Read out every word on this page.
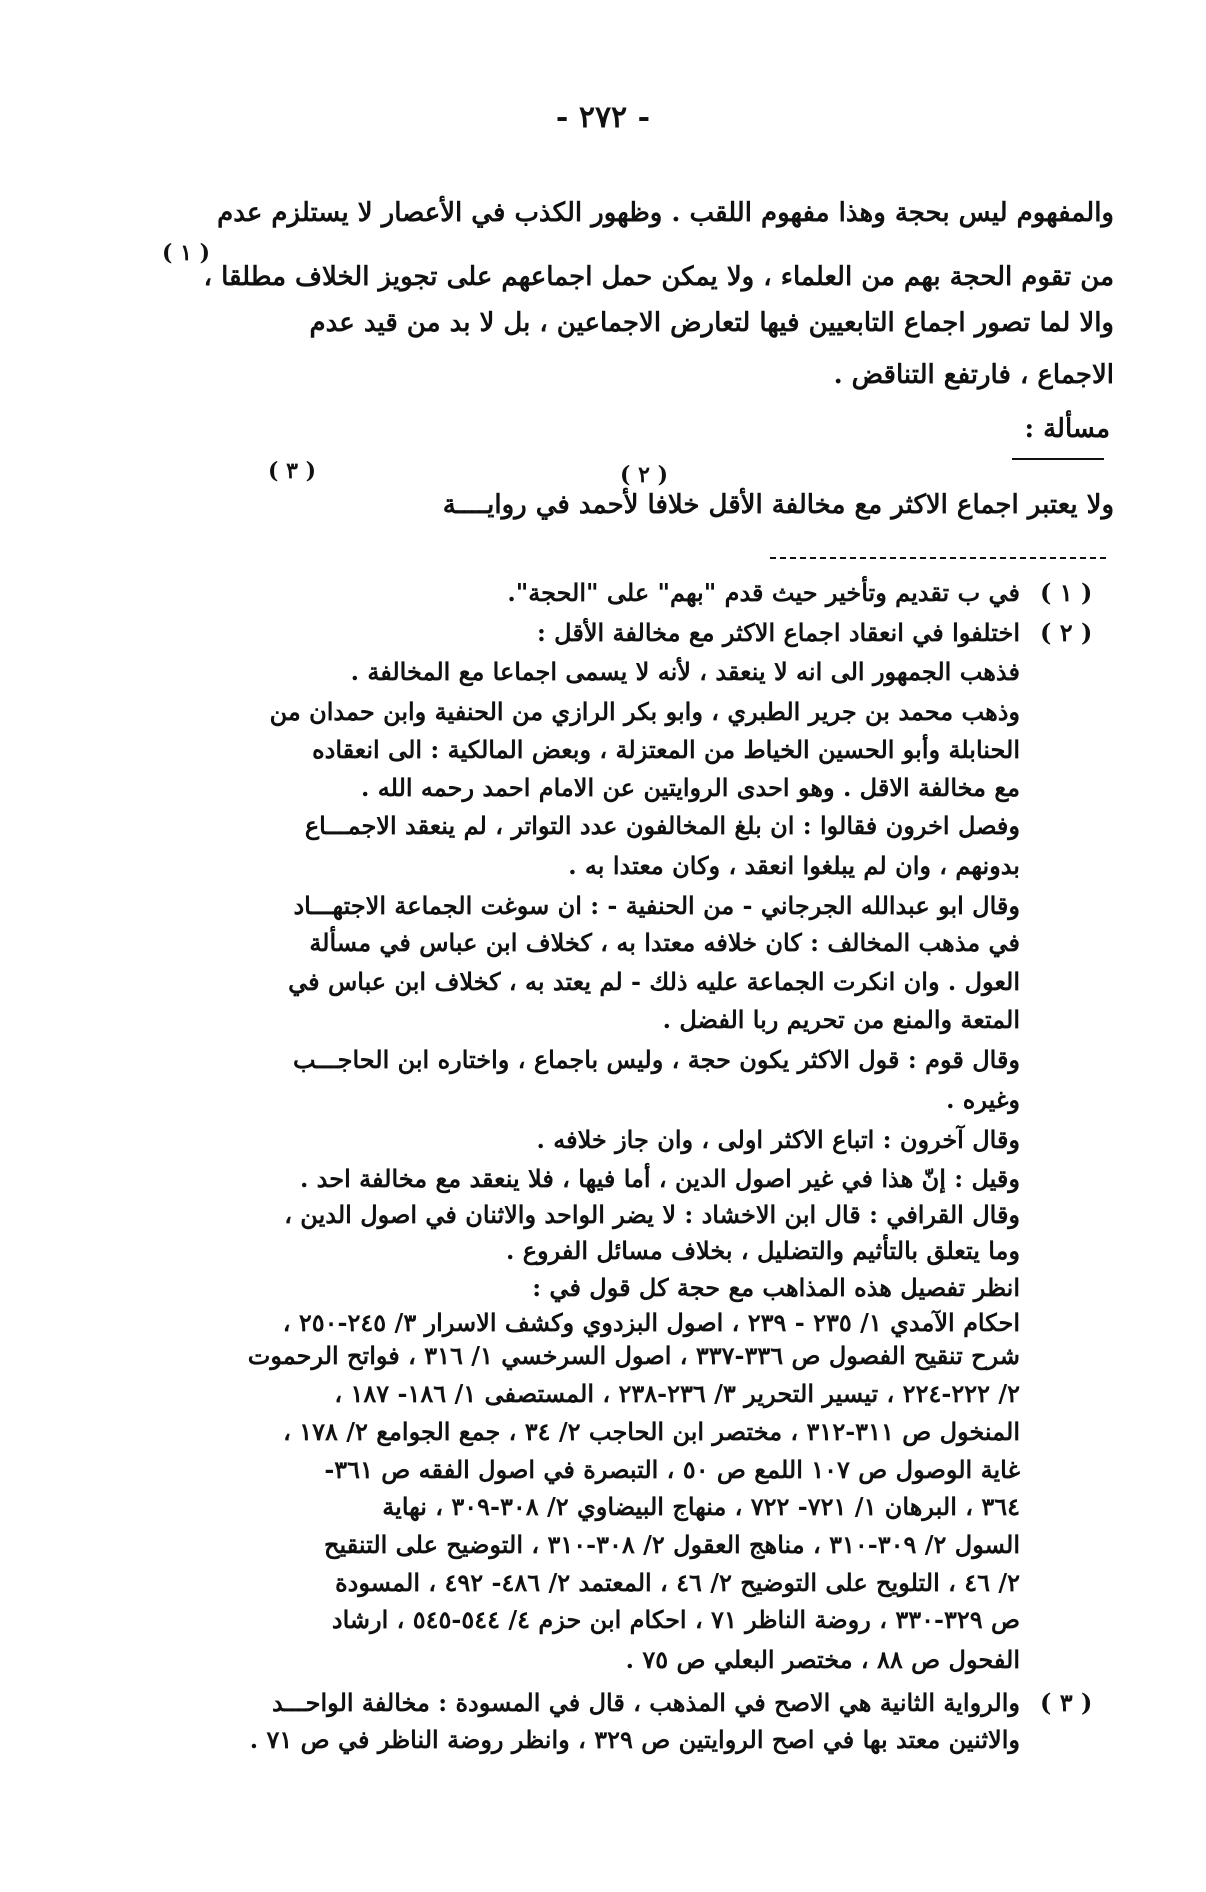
- ٢٧٢ -
والمفهوم ليس بحجة وهذا مفهوم اللقب . وظهور الكذب في الأعصار لا يستلزم عدم
( ١ )
من تقوم الحجة بهم من العلماء ، ولا يمكن حمل اجماعهم على تجويز الخلاف مطلقا ،
والا لما تصور اجماع التابعيين فيها لتعارض الاجماعين ، بل لا بد من قيد عدم
الاجماع ، فارتفع التناقض .
مسألة :
( ٣ )	( ٢ )
ولا يعتبر اجماع الاكثر مع مخالفة الأقل خلافا لأحمد في روايــــة
في ب تقديم وتأخير حيث قدم "بهم" على "الحجة". ( ١ )
اختلفوا في انعقاد اجماع الاكثر مع مخالفة الأقل : ( ٢ )
فذهب الجمهور الى انه لا ينعقد ، لأنه لا يسمى اجماعا مع المخالفة .
وذهب محمد بن جرير الطبري ، وابو بكر الرازي من الحنفية وابن حمدان من
الحنابلة وأبو الحسين الخياط من المعتزلة ، وبعض المالكية : الى انعقاده
مع مخالفة الاقل . وهو احدى الروايتين عن الامام احمد رحمه الله .
وفصل اخرون فقالوا : ان بلغ المخالفون عدد التواتر ، لم ينعقد الاجمـــاع
بدونهم ، وان لم يبلغوا انعقد ، وكان معتدا به .
وقال ابو عبدالله الجرجاني - من الحنفية - : ان سوغت الجماعة الاجتهـــاد
في مذهب المخالف : كان خلافه معتدا به ، كخلاف ابن عباس في مسألة
العول . وان انكرت الجماعة عليه ذلك - لم يعتد به ، كخلاف ابن عباس في
المتعة والمنع من تحريم ربا الفضل .
وقال قوم : قول الاكثر يكون حجة ، وليس باجماع ، واختاره ابن الحاجـــب
وغيره .
وقال آخرون : اتباع الاكثر اولى ، وان جاز خلافه .
وقيل : إنّ هذا في غير اصول الدين ، أما فيها ، فلا ينعقد مع مخالفة احد .
وقال القرافي : قال ابن الاخشاد : لا يضر الواحد والاثنان في اصول الدين ،
وما يتعلق بالتأثيم والتضليل ، بخلاف مسائل الفروع .
انظر تفصيل هذه المذاهب مع حجة كل قول في :
احكام الآمدي ١/ ٢٣٥ - ٢٣٩ ، اصول البزدوي وكشف الاسرار ٣/ ٢٤٥-٢٥٠ ،
شرح تنقيح الفصول ص ٣٣٦-٣٣٧ ، اصول السرخسي ١/ ٣١٦ ، فواتح الرحموت
٢/ ٢٢٢-٢٢٤ ، تيسير التحرير ٣/ ٢٣٦-٢٣٨ ، المستصفى ١/ ١٨٦- ١٨٧ ،
المنخول ص ٣١١-٣١٢ ، مختصر ابن الحاجب ٢/ ٣٤ ، جمع الجوامع ٢/ ١٧٨ ،
غاية الوصول ص ١٠٧ اللمع ص ٥٠ ، التبصرة في اصول الفقه ص ٣٦١-
٣٦٤ ، البرهان ١/ ٧٢١- ٧٢٢ ، منهاج البيضاوي ٢/ ٣٠٨-٣٠٩ ، نهاية
السول ٢/ ٣٠٩-٣١٠ ، مناهج العقول ٢/ ٣٠٨-٣١٠ ، التوضيح على التنقيح
٢/ ٤٦ ، التلويح على التوضيح ٢/ ٤٦ ، المعتمد ٢/ ٤٨٦- ٤٩٢ ، المسودة
ص ٣٢٩-٣٣٠ ، روضة الناظر ٧١ ، احكام ابن حزم ٤/ ٥٤٤-٥٤٥ ، ارشاد
الفحول ص ٨٨ ، مختصر البعلي ص ٧٥ .
والرواية الثانية هي الاصح في المذهب ، قال في المسودة : مخالفة الواحـــد ( ٣ )
والاثنين معتد بها في اصح الروايتين ص ٣٢٩ ، وانظر روضة الناظر في ص ٧١ .
